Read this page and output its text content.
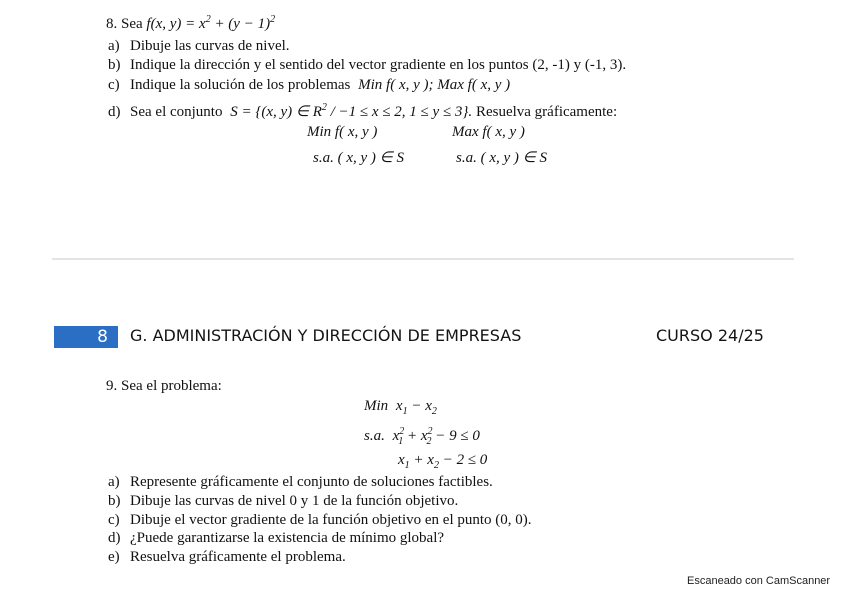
8. Sea f(x, $y) = x^2 + (y - 1)^2$
a) Dibuje las curvas de nivel.
b) Indique la dirección y el sentido del vector gradiente en los puntos (2, -1) y (-1, 3).
c) Indique la solución de los problemas Min f( x, y ); Max f( x, y )
d) Sea el conjunto S = {(x, y) ∈ $R^2 / -1 \le x \le 2$, 1 ≤ y ≤ 3}. Resuelva gráficamente:
Min f( x, y )	Max f( x, y )
s.a. ( x, y ) ∈ S	s.a. ( x, y ) ∈ S
8	G. ADMINISTRACIÓN Y DIRECCIÓN DE EMPRESAS	CURSO 24/25
9. Sea el problema:
Min $x_1 - x_2$
s.a. $x^2_1 + x^2_2 - 9 \le 0$
$x_1 + x_2 - 2 \le 0$
a) Represente gráficamente el conjunto de soluciones factibles.
b) Dibuje las curvas de nivel 0 y 1 de la función objetivo.
c) Dibuje el vector gradiente de la función objetivo en el punto (0, 0).
d) ¿Puede garantizarse la existencia de mínimo global?
e) Resuelva gráficamente el problema.
Escaneado con CamScanner
